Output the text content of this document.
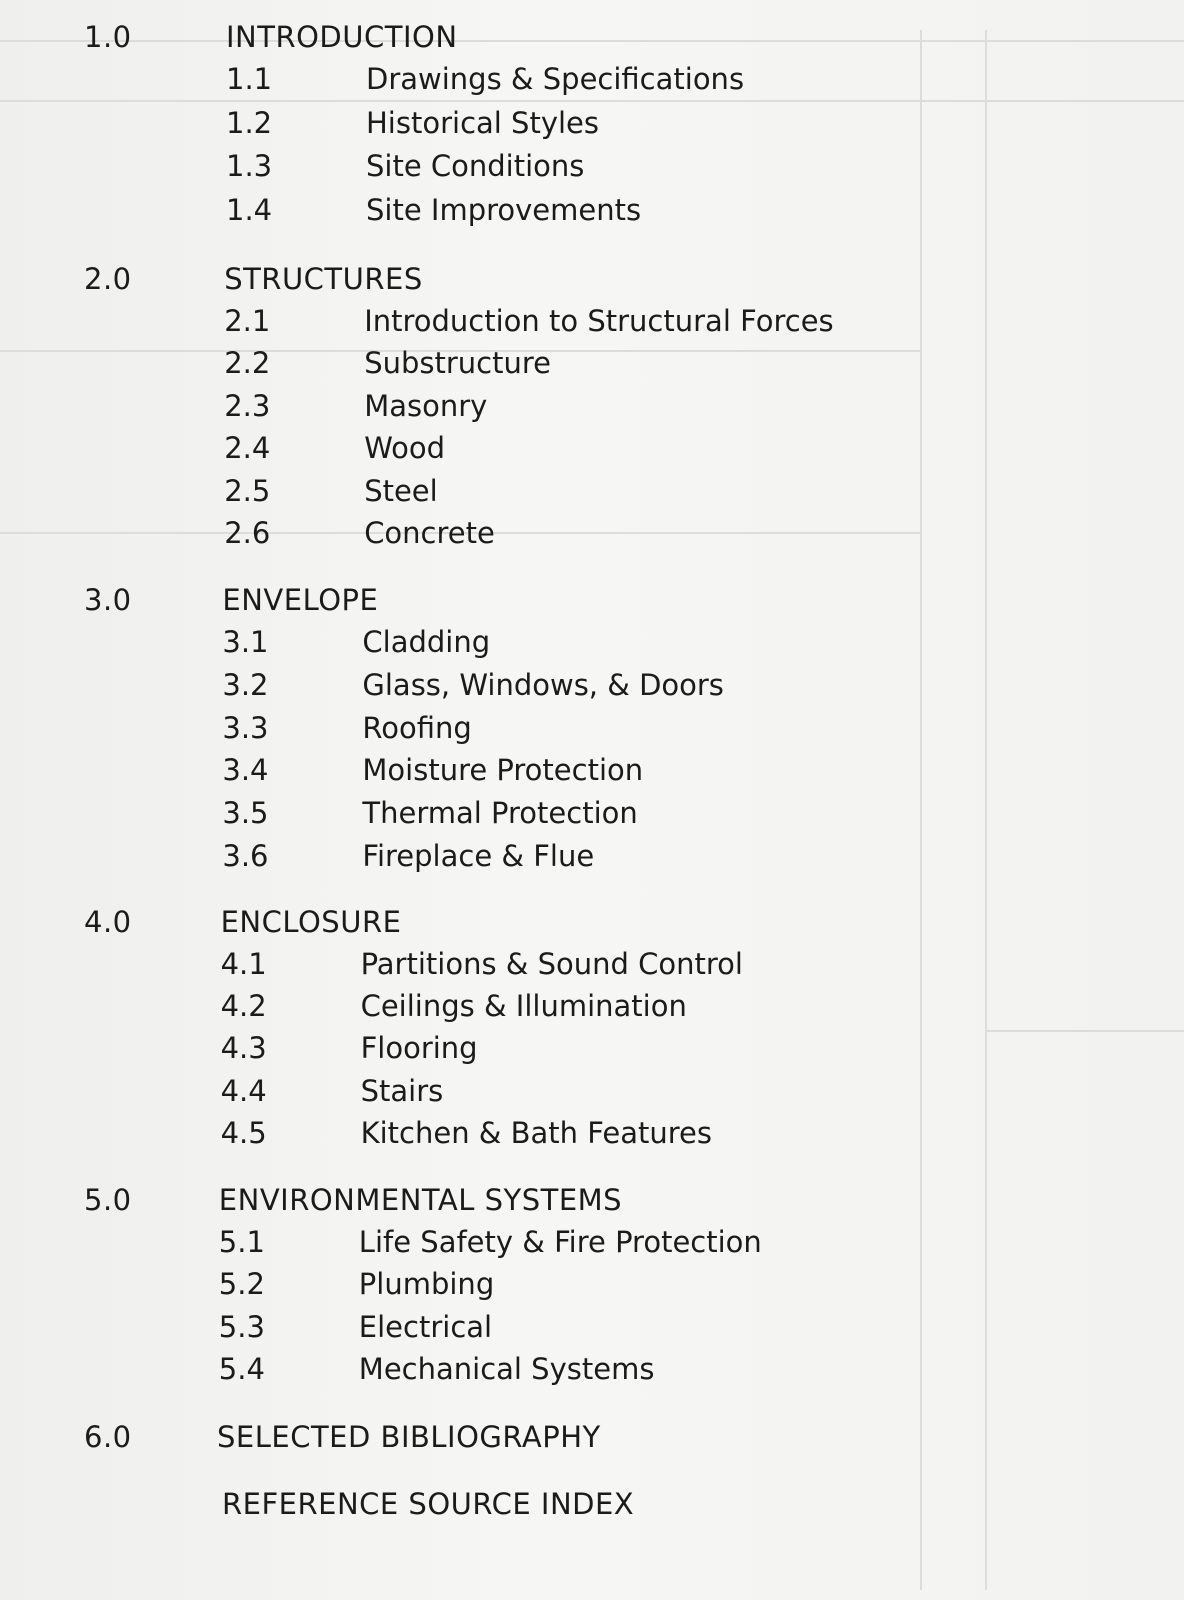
1.0	INTRODUCTION
1.1	Drawings & Specifications
1.2	Historical Styles
1.3	Site Conditions
1.4	Site Improvements
2.0	STRUCTURES
2.1	Introduction to Structural Forces
2.2	Substructure
2.3	Masonry
2.4	Wood
2.5	Steel
2.6	Concrete
3.0	ENVELOPE
3.1	Cladding
3.2	Glass, Windows, & Doors
3.3	Roofing
3.4	Moisture Protection
3.5	Thermal Protection
3.6	Fireplace & Flue
4.0	ENCLOSURE
4.1	Partitions & Sound Control
4.2	Ceilings & Illumination
4.3	Flooring
4.4	Stairs
4.5	Kitchen & Bath Features
5.0	ENVIRONMENTAL SYSTEMS
5.1	Life Safety & Fire Protection
5.2	Plumbing
5.3	Electrical
5.4	Mechanical Systems
6.0	SELECTED BIBLIOGRAPHY
REFERENCE SOURCE INDEX
